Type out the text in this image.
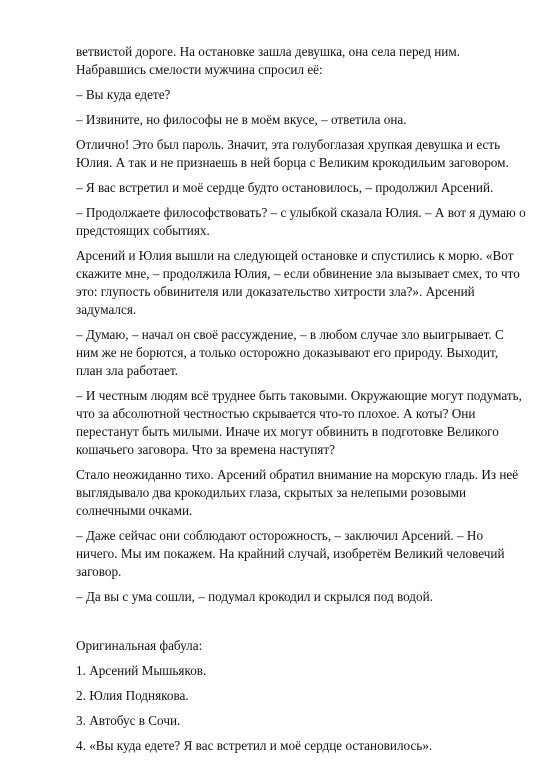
ветвистой дороге. На остановке зашла девушка, она села перед ним. Набравшись смелости мужчина спросил её:

– Вы куда едете?

– Извините, но философы не в моём вкусе, – ответила она.

Отлично! Это был пароль. Значит, эта голубоглазая хрупкая девушка и есть Юлия. А так и не признаешь в ней борца с Великим крокодильим заговором.

– Я вас встретил и моё сердце будто остановилось, – продолжил Арсений.

– Продолжаете философствовать? – с улыбкой сказала Юлия. – А вот я думаю о предстоящих событиях.

Арсений и Юлия вышли на следующей остановке и спустились к морю. «Вот скажите мне, – продолжила Юлия, – если обвинение зла вызывает смех, то что это: глупость обвинителя или доказательство хитрости зла?». Арсений задумался.

– Думаю, – начал он своё рассуждение, – в любом случае зло выигрывает. С ним же не борются, а только осторожно доказывают его природу. Выходит, план зла работает.

– И честным людям всё труднее быть таковыми. Окружающие могут подумать, что за абсолютной честностью скрывается что-то плохое. А коты? Они перестанут быть милыми. Иначе их могут обвинить в подготовке Великого кошачьего заговора. Что за времена наступят?

Стало неожиданно тихо. Арсений обратил внимание на морскую гладь. Из неё выглядывало два крокодильих глаза, скрытых за нелепыми розовыми солнечными очками.

– Даже сейчас они соблюдают осторожность, – заключил Арсений. – Но ничего. Мы им покажем. На крайний случай, изобретём Великий человечий заговор.

– Да вы с ума сошли, – подумал крокодил и скрылся под водой.

Оригинальная фабула:

1. Арсений Мышьяков.

2. Юлия Поднякова.

3. Автобус в Сочи.

4. «Вы куда едете? Я вас встретил и моё сердце остановилось».
